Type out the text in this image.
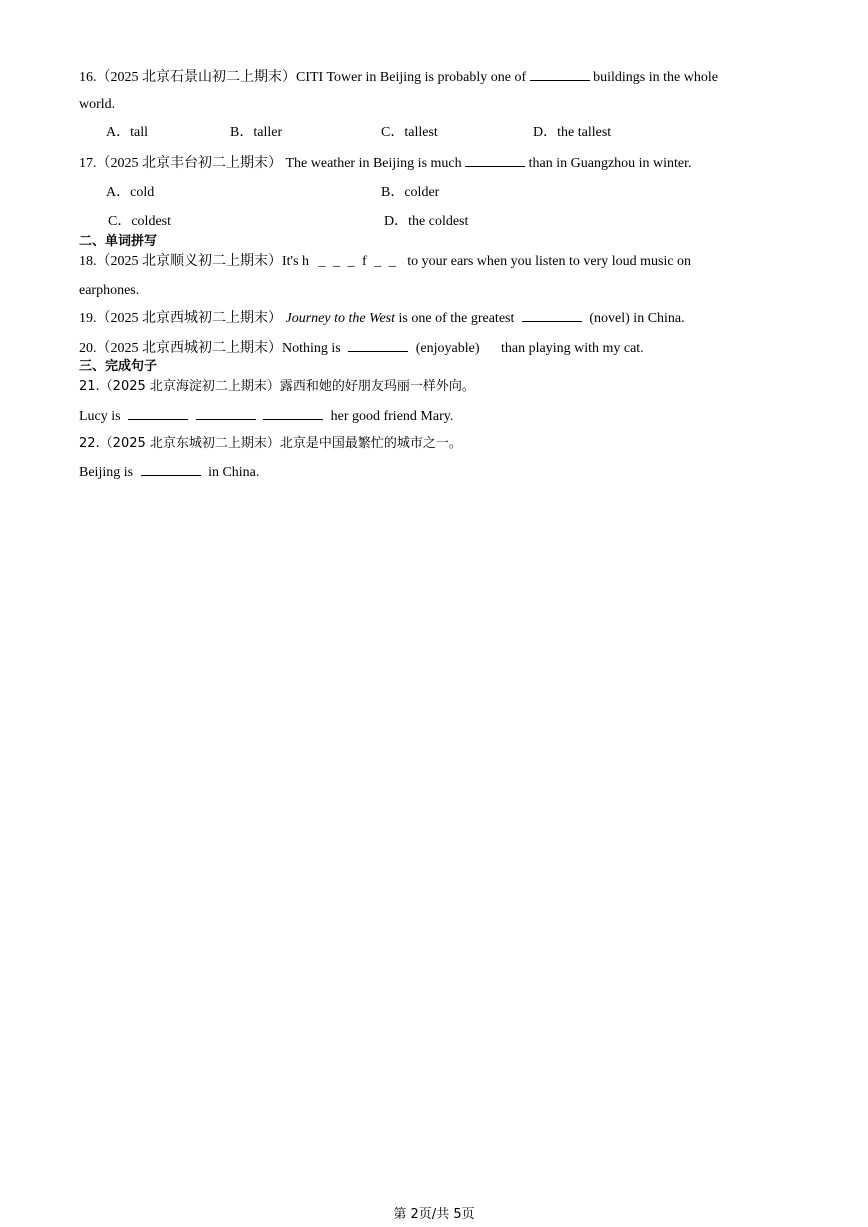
16.（2025 北京石景山初二上期末）CITI Tower in Beijing is probably one of	buildings in the whole
world.
A．tall	B．taller	C．tallest	D．the tallest
17.（2025 北京丰台初二上期末） The weather in Beijing is much	than in Guangzhou in winter.
A．cold	B．colder
C．coldest	D．the coldest
二、单词拼写
18.（2025 北京顺义初二上期末）It's h _ _ _ f _ _ to your ears when you listen to very loud music on
earphones.
19.（2025 北京西城初二上期末） Journey to the West is one of the greatest	(novel) in China.
20.（2025 北京西城初二上期末）Nothing is	(enjoyable) than playing with my cat.
三、完成句子
21.（2025 北京海淀初二上期末）露西和她的好朋友玛丽一样外向。
Lucy is	her good friend Mary.
22.（2025 北京东城初二上期末）北京是中国最繁忙的城市之一。
Beijing is	in China.
第 2页/共 5页
